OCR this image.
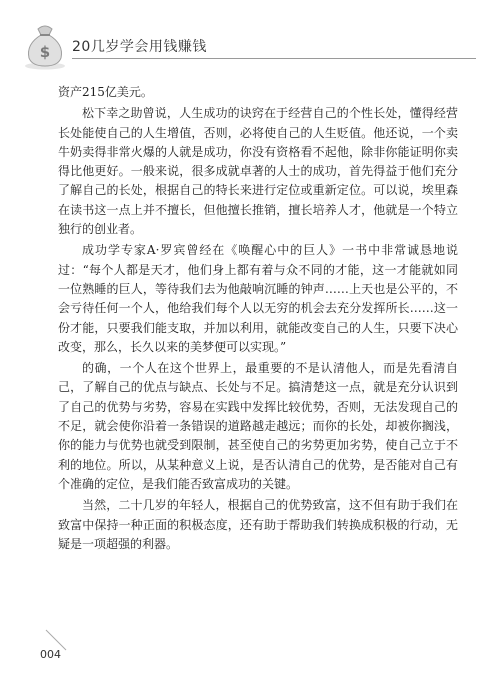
$ 20几岁学会用钱赚钱

资产215亿美元。

松下幸之助曾说，人生成功的诀窍在于经营自己的个性长处，懂得经营长处能使自己的人生增值，否则，必将使自己的人生贬值。他还说，一个卖牛奶卖得非常火爆的人就是成功，你没有资格看不起他，除非你能证明你卖得比他更好。一般来说，很多成就卓著的人士的成功，首先得益于他们充分了解自己的长处，根据自己的特长来进行定位或重新定位。可以说，埃里森在读书这一点上并不擅长，但他擅长推销，擅长培养人才，他就是一个特立独行的创业者。

成功学专家A·罗宾曾经在《唤醒心中的巨人》一书中非常诚恳地说过：“每个人都是天才，他们身上都有着与众不同的才能，这一才能就如同一位熟睡的巨人，等待我们去为他敲响沉睡的钟声……上天也是公平的，不会亏待任何一个人，他给我们每个人以无穷的机会去充分发挥所长……这一份才能，只要我们能支取，并加以利用，就能改变自己的人生，只要下决心改变，那么，长久以来的美梦便可以实现。”

的确，一个人在这个世界上，最重要的不是认清他人，而是先看清自己，了解自己的优点与缺点、长处与不足。搞清楚这一点，就是充分认识到了自己的优势与劣势，容易在实践中发挥比较优势，否则，无法发现自己的不足，就会使你沿着一条错误的道路越走越远；而你的长处，却被你搁浅，你的能力与优势也就受到限制，甚至使自己的劣势更加劣势，使自己立于不利的地位。所以，从某种意义上说，是否认清自己的优势，是否能对自己有个准确的定位，是我们能否致富成功的关键。

当然，二十几岁的年轻人，根据自己的优势致富，这不但有助于我们在致富中保持一种正面的积极态度，还有助于帮助我们转换成积极的行动，无疑是一项超强的利器。

004
